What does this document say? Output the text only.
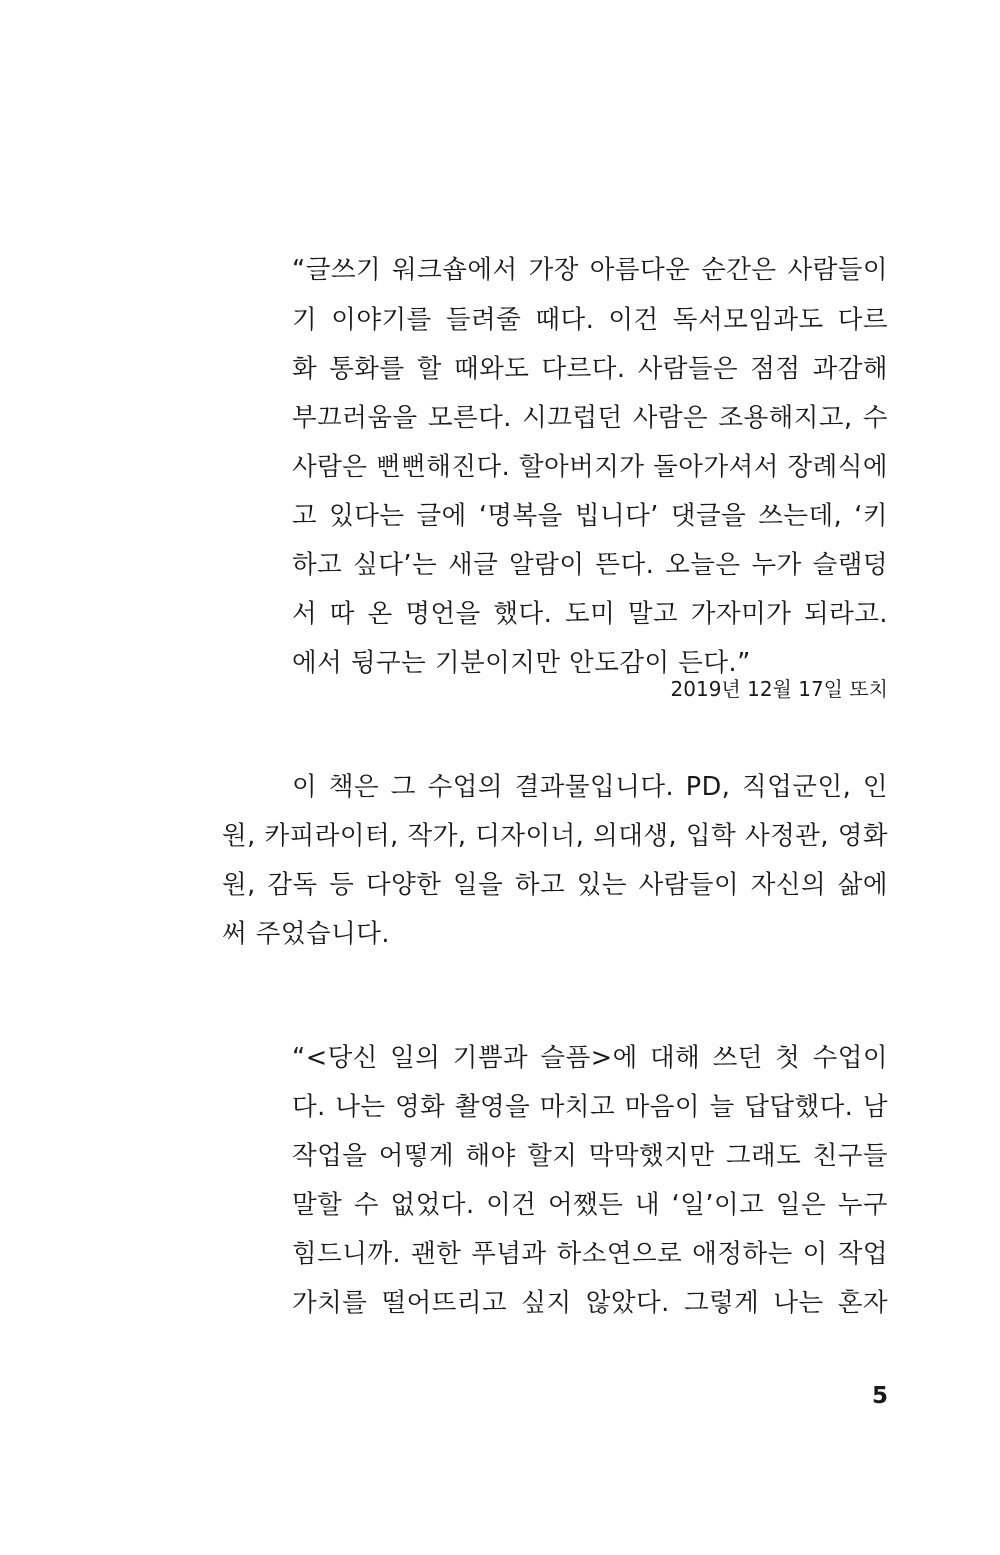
“글쓰기 워크숍에서 가장 아름다운 순간은 사람들이
기 이야기를 들려줄 때다. 이건 독서모임과도 다르
화 통화를 할 때와도 다르다. 사람들은 점점 과감해
부끄러움을 모른다. 시끄럽던 사람은 조용해지고, 수
사람은 뻔뻔해진다. 할아버지가 돌아가셔서 장례식에
고 있다는 글에 ‘명복을 빕니다’ 댓글을 쓰는데, ‘키
하고 싶다’는 새글 알람이 뜬다. 오늘은 누가 슬램덩
서 따 온 명언을 했다. 도미 말고 가자미가 되라고.
에서 뒹구는 기분이지만 안도감이 든다.”
2019년 12월 17일 또치
이 책은 그 수업의 결과물입니다. PD, 직업군인, 인
원, 카피라이터, 작가, 디자이너, 의대생, 입학 사정관, 영화
원, 감독 등 다양한 일을 하고 있는 사람들이 자신의 삶에
써 주었습니다.
“<당신 일의 기쁨과 슬픔>에 대해 쓰던 첫 수업이
다. 나는 영화 촬영을 마치고 마음이 늘 답답했다. 남
작업을 어떻게 해야 할지 막막했지만 그래도 친구들
말할 수 없었다. 이건 어쨌든 내 ‘일’이고 일은 누구
힘드니까. 괜한 푸념과 하소연으로 애정하는 이 작업
가치를 떨어뜨리고 싶지 않았다. 그렇게 나는 혼자
5
